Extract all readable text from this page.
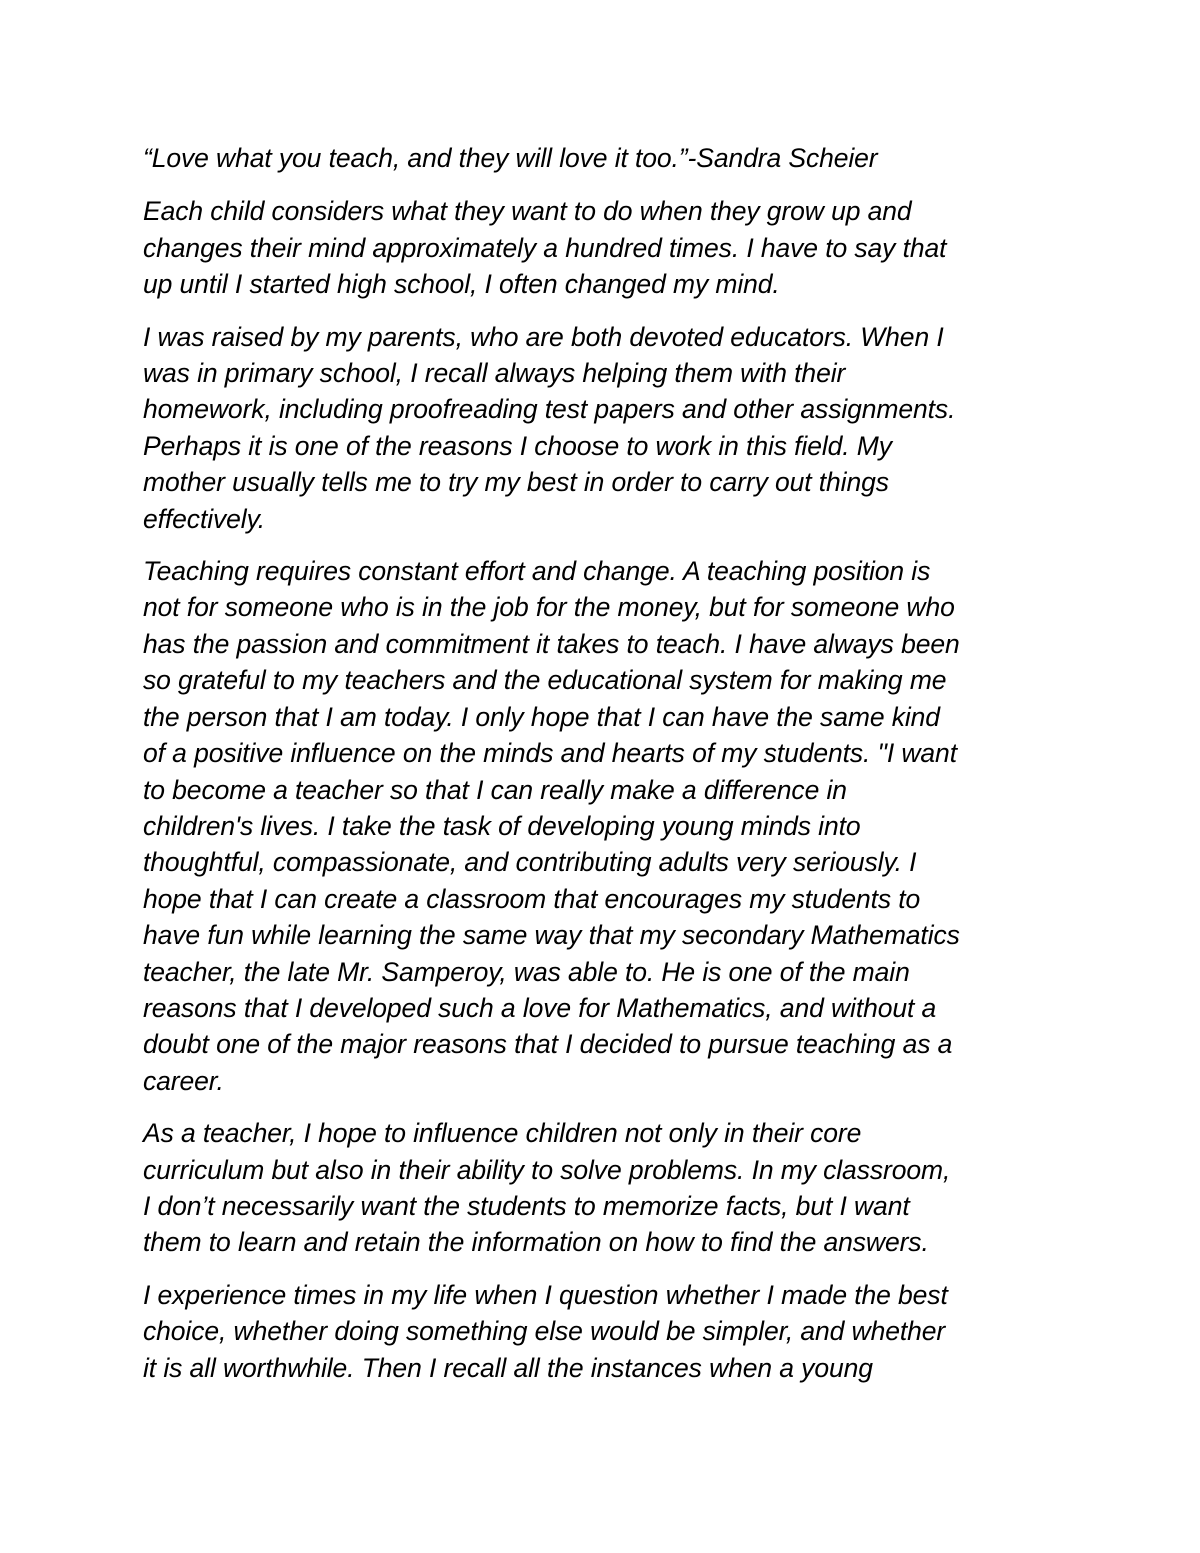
“Love what you teach, and they will love it too.”-Sandra Scheier
Each child considers what they want to do when they grow up and
changes their mind approximately a hundred times. I have to say that
up until I started high school, I often changed my mind.
I was raised by my parents, who are both devoted educators. When I
was in primary school, I recall always helping them with their
homework, including proofreading test papers and other assignments.
Perhaps it is one of the reasons I choose to work in this field. My
mother usually tells me to try my best in order to carry out things
effectively.
Teaching requires constant effort and change. A teaching position is
not for someone who is in the job for the money, but for someone who
has the passion and commitment it takes to teach. I have always been
so grateful to my teachers and the educational system for making me
the person that I am today. I only hope that I can have the same kind
of a positive influence on the minds and hearts of my students. "I want
to become a teacher so that I can really make a difference in
children's lives. I take the task of developing young minds into
thoughtful, compassionate, and contributing adults very seriously. I
hope that I can create a classroom that encourages my students to
have fun while learning the same way that my secondary Mathematics
teacher, the late Mr. Samperoy, was able to. He is one of the main
reasons that I developed such a love for Mathematics, and without a
doubt one of the major reasons that I decided to pursue teaching as a
career.
As a teacher, I hope to influence children not only in their core
curriculum but also in their ability to solve problems. In my classroom,
I don’t necessarily want the students to memorize facts, but I want
them to learn and retain the information on how to find the answers.
I experience times in my life when I question whether I made the best
choice, whether doing something else would be simpler, and whether
it is all worthwhile. Then I recall all the instances when a young
